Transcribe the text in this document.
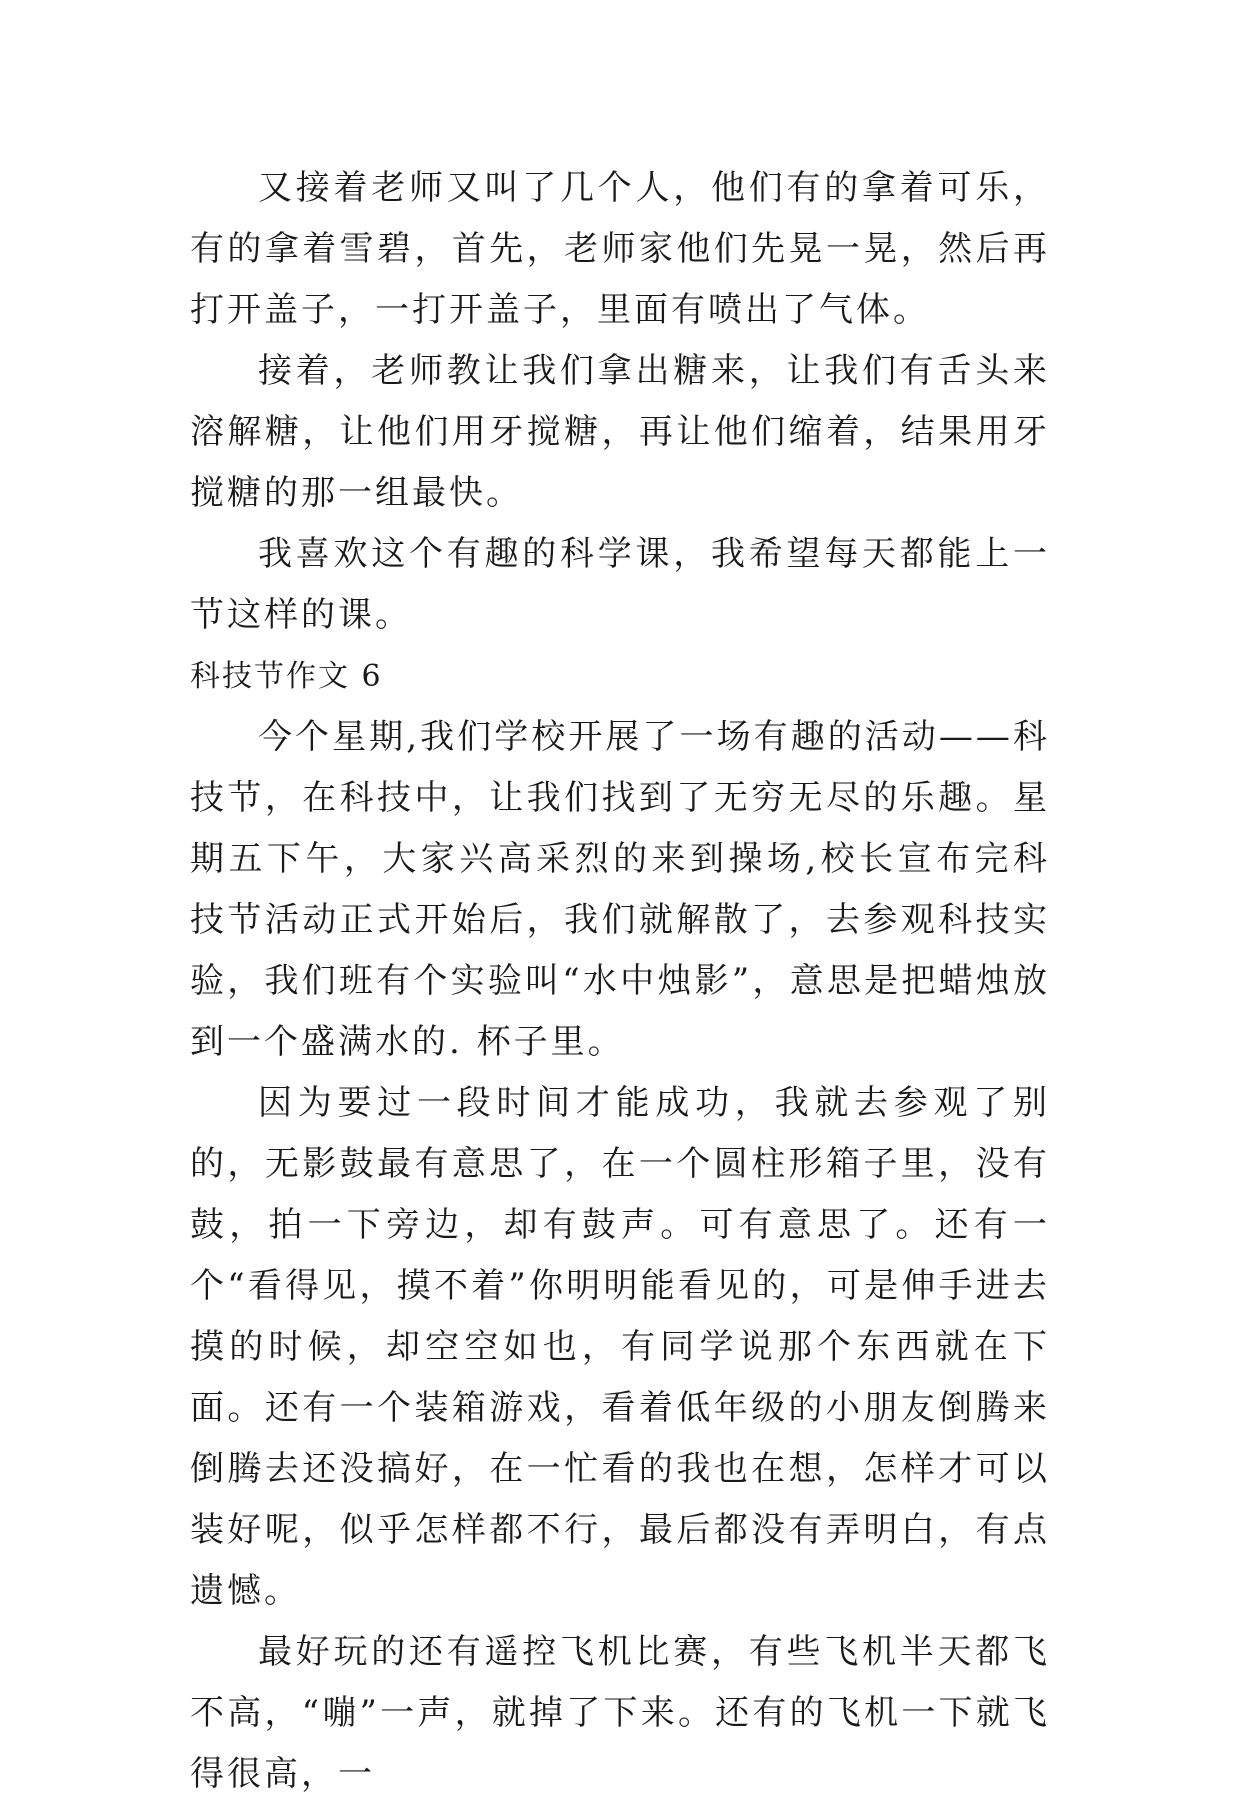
又接着老师又叫了几个人，他们有的拿着可乐，有的拿着雪碧，首先，老师家他们先晃一晃，然后再打开盖子，一打开盖子，里面有喷出了气体。

接着，老师教让我们拿出糖来，让我们有舌头来溶解糖，让他们用牙搅糖，再让他们缩着，结果用牙搅糖的那一组最快。

我喜欢这个有趣的科学课，我希望每天都能上一节这样的课。

科技节作文 6

今个星期,我们学校开展了一场有趣的活动——科技节，在科技中，让我们找到了无穷无尽的乐趣。星期五下午，大家兴高采烈的来到操场,校长宣布完科技节活动正式开始后，我们就解散了，去参观科技实验，我们班有个实验叫“水中烛影”，意思是把蜡烛放到一个盛满水的. 杯子里。

因为要过一段时间才能成功，我就去参观了别的，无影鼓最有意思了，在一个圆柱形箱子里，没有鼓，拍一下旁边，却有鼓声。可有意思了。还有一个“看得见，摸不着”你明明能看见的，可是伸手进去摸的时候，却空空如也，有同学说那个东西就在下面。还有一个装箱游戏，看着低年级的小朋友倒腾来倒腾去还没搞好，在一忙看的我也在想，怎样才可以装好呢，似乎怎样都不行，最后都没有弄明白，有点遗憾。

最好玩的还有遥控飞机比赛，有些飞机半天都飞不高，“嘣”一声，就掉了下来。还有的飞机一下就飞得很高，一
